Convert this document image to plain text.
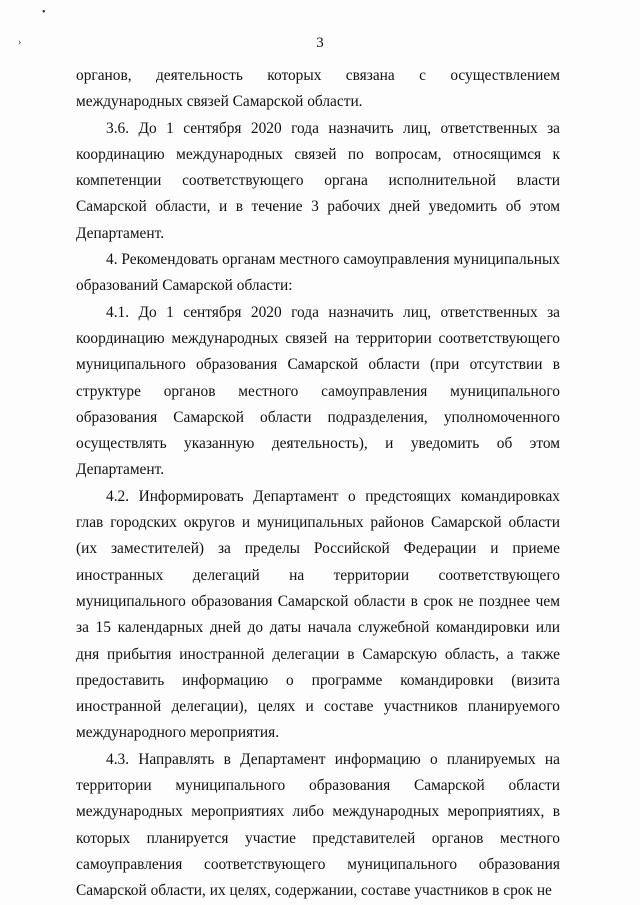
•
›	3

органов, деятельность которых связана с осуществлением международных связей Самарской области.

3.6. До 1 сентября 2020 года назначить лиц, ответственных за координацию международных связей по вопросам, относящимся к компетенции соответствующего органа исполнительной власти Самарской области, и в течение 3 рабочих дней уведомить об этом Департамент.

4. Рекомендовать органам местного самоуправления муниципальных образований Самарской области:

4.1. До 1 сентября 2020 года назначить лиц, ответственных за координацию международных связей на территории соответствующего муниципального образования Самарской области (при отсутствии в структуре органов местного самоуправления муниципального образования Самарской области подразделения, уполномоченного осуществлять указанную деятельность), и уведомить об этом Департамент.

4.2. Информировать Департамент о предстоящих командировках глав городских округов и муниципальных районов Самарской области (их заместителей) за пределы Российской Федерации и приеме иностранных делегаций на территории соответствующего муниципального образования Самарской области в срок не позднее чем за 15 календарных дней до даты начала служебной командировки или дня прибытия иностранной делегации в Самарскую область, а также предоставить информацию о программе командировки (визита иностранной делегации), целях и составе участников планируемого международного мероприятия.

4.3. Направлять в Департамент информацию о планируемых на территории муниципального образования Самарской области международных мероприятиях либо международных мероприятиях, в которых планируется участие представителей органов местного самоуправления соответствующего муниципального образования Самарской области, их целях, содержании, составе участников в срок не
